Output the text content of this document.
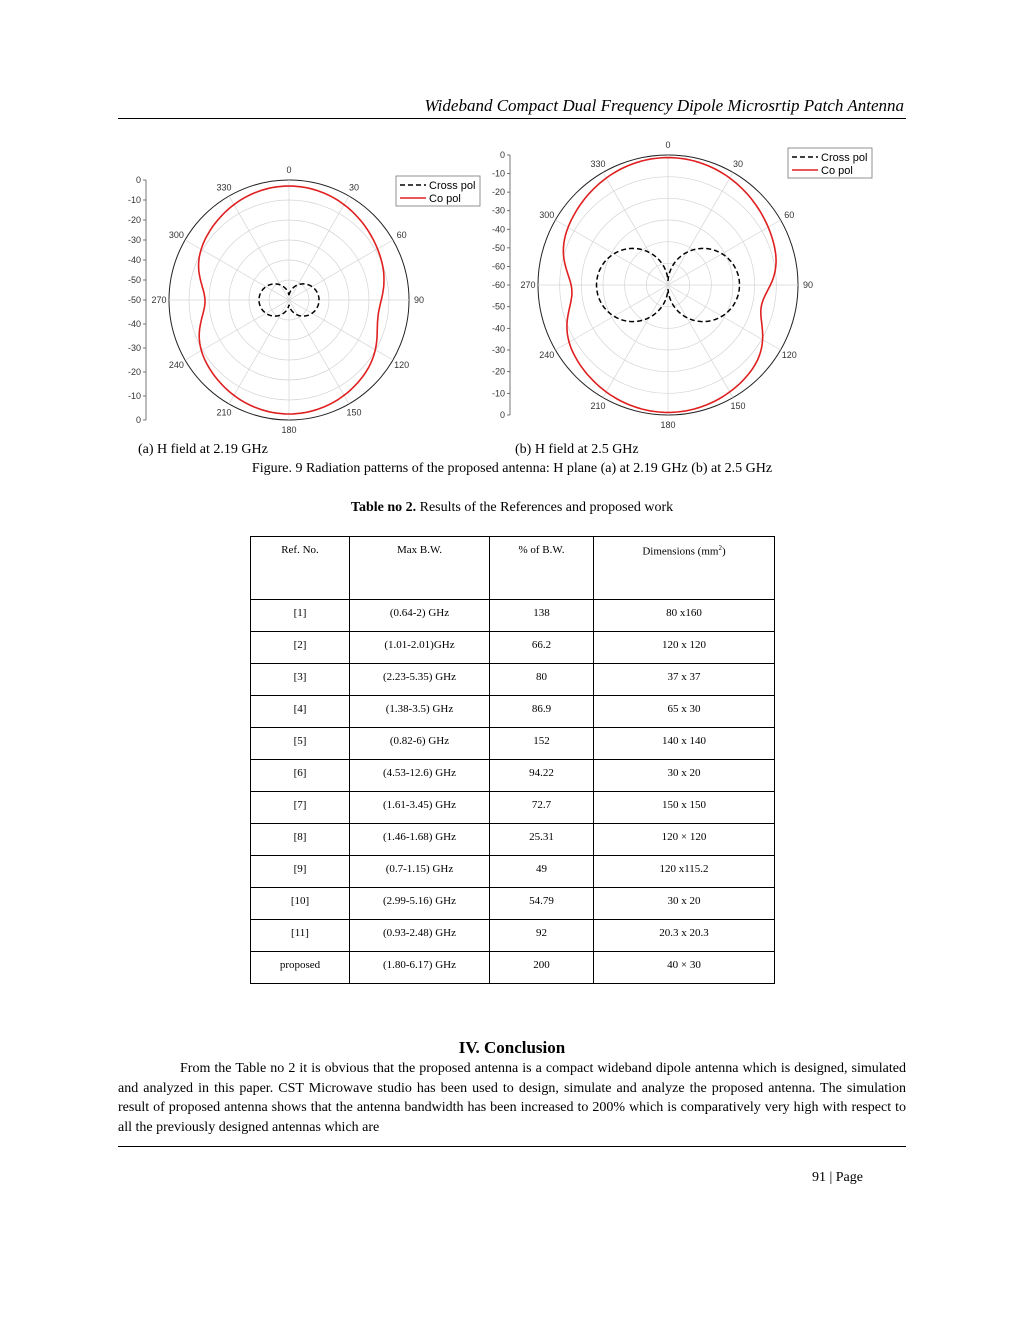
Wideband Compact Dual Frequency Dipole Microsrtip Patch Antenna
0
30
60
90
120
150
180
210
240
270
300
330
0
-10
-20
-30
-40
-50
-50
-40
-30
-20
-10
0
Cross pol
Co pol
0
30
60
90
120
150
180
210
240
270
300
330
0
-10
-20
-30
-40
-50
-60
-60
-50
-40
-30
-20
-10
0
Cross pol
Co pol
(a) H field at 2.19 GHz	(b) H field at 2.5 GHz
Figure. 9 Radiation patterns of the proposed antenna: H plane (a) at 2.19 GHz (b) at 2.5 GHz
Table no 2. Results of the References and proposed work
Ref. No.	Max B.W.	% of B.W.	Dimensions $(mm^2)$
[1]	(0.64-2) GHz	138	80 x160
[2]	(1.01-2.01)GHz	66.2	120 x 120
[3]	(2.23-5.35) GHz	80	37 x 37
[4]	(1.38-3.5) GHz	86.9	65 x 30
[5]	(0.82-6) GHz	152	140 x 140
[6]	(4.53-12.6) GHz	94.22	30 x 20
[7]	(1.61-3.45) GHz	72.7	150 x 150
[8]	(1.46-1.68) GHz	25.31	120 × 120
[9]	(0.7-1.15) GHz	49	120 x115.2
[10]	(2.99-5.16) GHz	54.79	30 x 20
[11]	(0.93-2.48) GHz	92	20.3 x 20.3
proposed	(1.80-6.17) GHz	200	40 × 30
IV. Conclusion
From the Table no 2 it is obvious that the proposed antenna is a compact wideband dipole antenna which is designed, simulated and analyzed in this paper. CST Microwave studio has been used to design, simulate and analyze the proposed antenna. The simulation result of proposed antenna shows that the antenna bandwidth has been increased to 200% which is comparatively very high with respect to all the previously designed antennas which are
91 | Page
